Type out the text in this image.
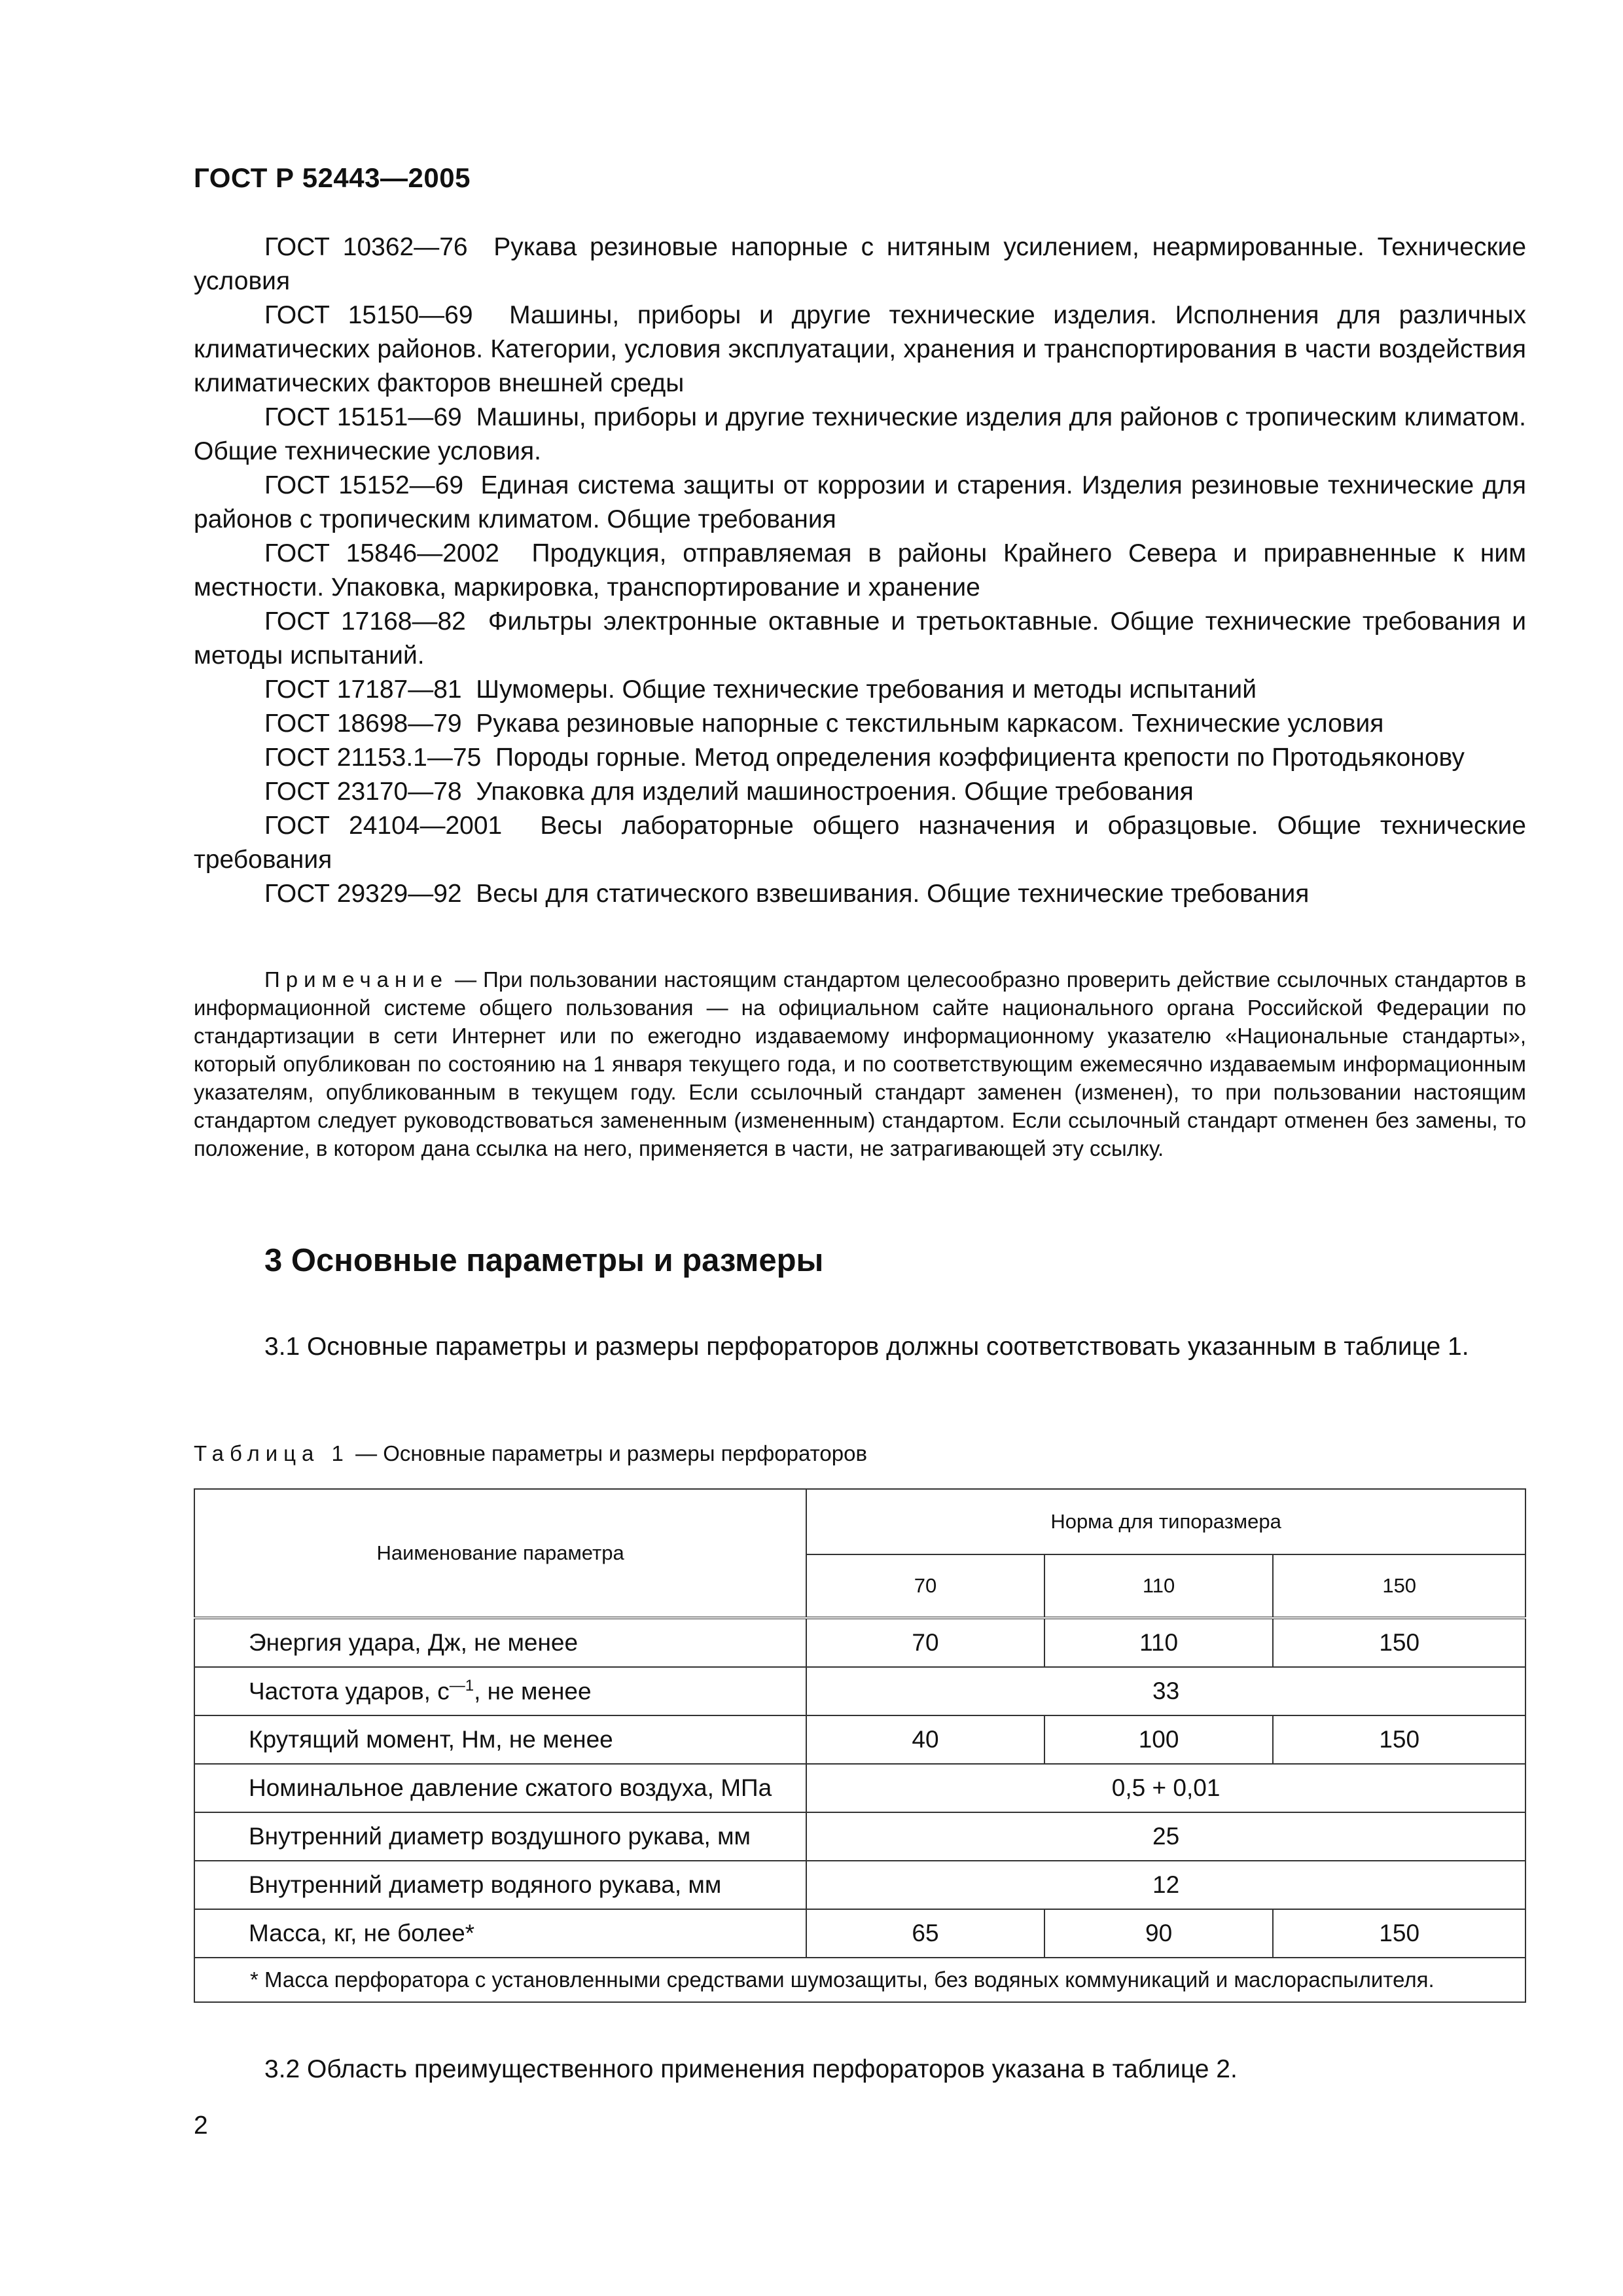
ГОСТ Р 52443—2005

ГОСТ 10362—76 Рукава резиновые напорные с нитяным усилением, неармированные. Технические условия

ГОСТ 15150—69 Машины, приборы и другие технические изделия. Исполнения для различных климатических районов. Категории, условия эксплуатации, хранения и транспортирования в части воздействия климатических факторов внешней среды

ГОСТ 15151—69 Машины, приборы и другие технические изделия для районов с тропическим климатом. Общие технические условия.

ГОСТ 15152—69 Единая система защиты от коррозии и старения. Изделия резиновые технические для районов с тропическим климатом. Общие требования

ГОСТ 15846—2002 Продукция, отправляемая в районы Крайнего Севера и приравненные к ним местности. Упаковка, маркировка, транспортирование и хранение

ГОСТ 17168—82 Фильтры электронные октавные и третьоктавные. Общие технические требования и методы испытаний.

ГОСТ 17187—81 Шумомеры. Общие технические требования и методы испытаний

ГОСТ 18698—79 Рукава резиновые напорные с текстильным каркасом. Технические условия

ГОСТ 21153.1—75 Породы горные. Метод определения коэффициента крепости по Протодьяконову

ГОСТ 23170—78 Упаковка для изделий машиностроения. Общие требования

ГОСТ 24104—2001 Весы лабораторные общего назначения и образцовые. Общие технические требования

ГОСТ 29329—92 Весы для статического взвешивания. Общие технические требования

Примечание — При пользовании настоящим стандартом целесообразно проверить действие ссылочных стандартов в информационной системе общего пользования — на официальном сайте национального органа Российской Федерации по стандартизации в сети Интернет или по ежегодно издаваемому информационному указателю «Национальные стандарты», который опубликован по состоянию на 1 января текущего года, и по соответствующим ежемесячно издаваемым информационным указателям, опубликованным в текущем году. Если ссылочный стандарт заменен (изменен), то при пользовании настоящим стандартом следует руководствоваться замененным (измененным) стандартом. Если ссылочный стандарт отменен без замены, то положение, в котором дана ссылка на него, применяется в части, не затрагивающей эту ссылку.
3 Основные параметры и размеры
3.1 Основные параметры и размеры перфораторов должны соответствовать указанным в таблице 1.
Таблица 1 — Основные параметры и размеры перфораторов
Наименование параметра	Норма для типоразмера		
	70	110	150
Энергия удара, Дж, не менее	70	110	150
Частота ударов, $с^{—1}$, не менее	33		
Крутящий момент, Нм, не менее	40	100	150
Номинальное давление сжатого воздуха, МПа	0,5 + 0,01		
Внутренний диаметр воздушного рукава, мм	25		
Внутренний диаметр водяного рукава, мм	12		
Масса, кг, не более*	65	90	150
* Масса перфоратора с установленными средствами шумозащиты, без водяных коммуникаций и маслораспылителя.			
3.2 Область преимущественного применения перфораторов указана в таблице 2.
2
